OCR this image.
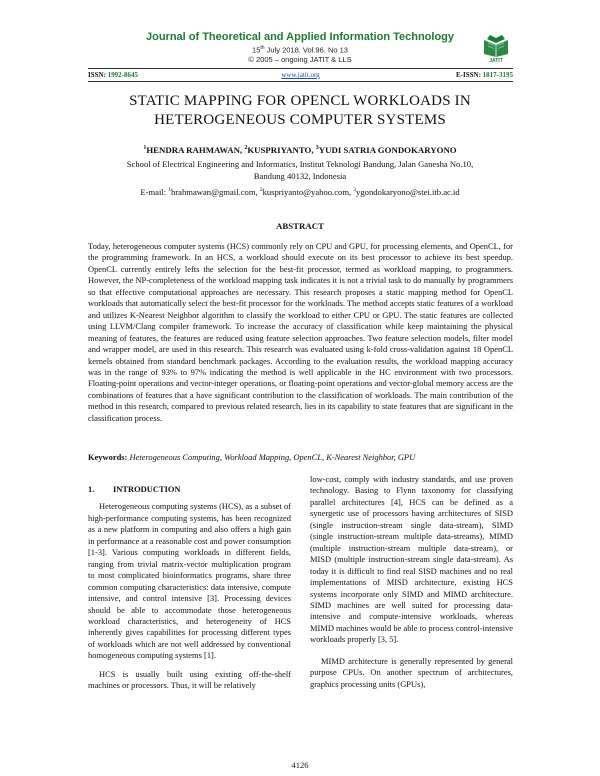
Journal of Theoretical and Applied Information Technology
15th July 2018. Vol.96. No 13
© 2005 – ongoing JATIT & LLS	JATIT
ISSN: 1992-8645	www.jatit.org	E-ISSN: 1817-3195
STATIC MAPPING FOR OPENCL WORKLOADS IN
HETEROGENEOUS COMPUTER SYSTEMS
$^1$HENDRA RAHMAWAN, $^2$KUSPRIYANTO, $^3$YUDI SATRIA GONDOKARYONO
School of Electrical Engineering and Informatics, Institut Teknologi Bandung, Jalan Ganesha No.10,
Bandung 40132, Indonesia
E-mail: $^1$hrahmawan@gmail.com, $^2$kuspriyanto@yahoo.com, $^3$ygondokaryono@stei.itb.ac.id
ABSTRACT
Today, heterogeneous computer systems (HCS) commonly rely on CPU and GPU, for processing elements, and OpenCL, for the programming framework. In an HCS, a workload should execute on its best processor to achieve its best speedup. OpenCL currently entirely lefts the selection for the best-fit processor, termed as workload mapping, to programmers. However, the NP-completeness of the workload mapping task indicates it is not a trivial task to do manually by programmers so that effective computational approaches are necessary. This research proposes a static mapping method for OpenCL workloads that automatically select the best-fit processor for the workloads. The method accepts static features of a workload and utilizes K-Nearest Neighbor algorithm to classify the workload to either CPU or GPU. The static features are collected using LLVM/Clang compiler framework. To increase the accuracy of classification while keep maintaining the physical meaning of features, the features are reduced using feature selection approaches. Two feature selection models, filter model and wrapper model, are used in this research. This research was evaluated using k-fold cross-validation against 18 OpenCL kernels obtained from standard benchmark packages. According to the evaluation results, the workload mapping accuracy was in the range of 93% to 97% indicating the method is well applicable in the HC environment with two processors. Floating-point operations and vector-integer operations, or floating-point operations and vector-global memory access are the combinations of features that a have significant contribution to the classification of workloads. The main contribution of the method in this research, compared to previous related research, lies in its capability to state features that are significant in the classification process.
Keywords: Heterogeneous Computing, Workload Mapping, OpenCL, K-Nearest Neighbor, GPU
1. INTRODUCTION

Heterogeneous computing systems (HCS), as a subset of high-performance computing systems, has been recognized as a new platform in computing and also offers a high gain in performance at a reasonable cost and power consumption [1-3]. Various computing workloads in different fields, ranging from trivial matrix-vector multiplication program to most complicated bioinformatics programs, share three common computing characteristics: data intensive, compute intensive, and control intensive [3]. Processing devices should be able to accommodate those heterogeneous workload characteristics, and heterogeneity of HCS inherently gives capabilities for processing different types of workloads which are not well addressed by conventional homogeneous computing systems [1].

HCS is usually built using existing off-the-shelf machines or processors. Thus, it will be relatively

low-cost, comply with industry standards, and use proven technology. Basing to Flynn taxonomy for classifying parallel architectures [4], HCS can be defined as a synergetic use of processors having architectures of SISD (single instruction-stream single data-stream), SIMD (single instruction-stream multiple data-streams), MIMD (multiple instruction-stream multiple data-stream), or MISD (multiple instruction-stream single data-stream). As today it is difficult to find real SISD machines and no real implementations of MISD architecture, existing HCS systems incorporate only SIMD and MIMD architecture. SIMD machines are well suited for processing data-intensive and compute-intensive workloads, whereas MIMD machines would be able to process control-intensive workloads properly [3, 5].

MIMD architecture is generally represented by general purpose CPUs. On another spectrum of architectures, graphics processing units (GPUs),

4126
